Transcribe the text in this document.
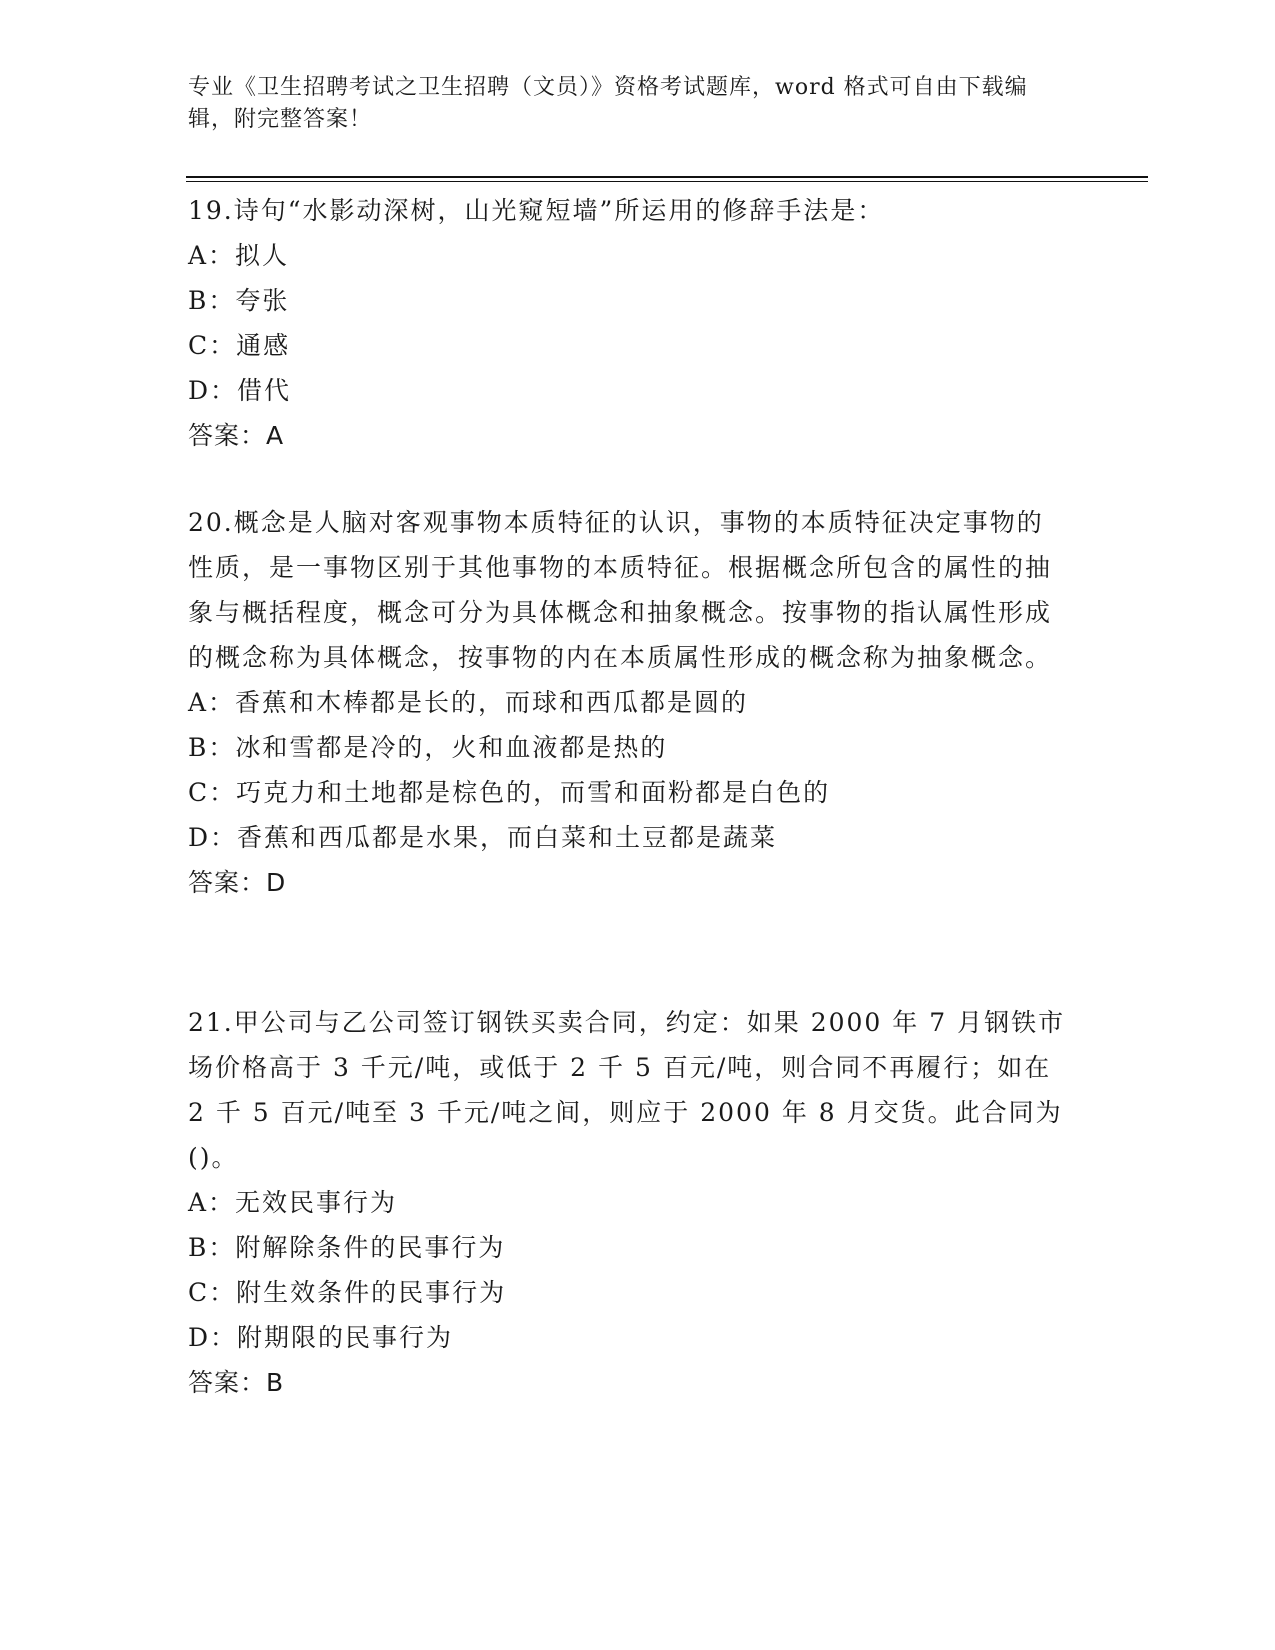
专业《卫生招聘考试之卫生招聘（文员）》资格考试题库，word 格式可自由下载编辑，附完整答案！
19.诗句“水影动深树，山光窥短墙”所运用的修辞手法是：
A：拟人
B：夸张
C：通感
D：借代
答案：A
20.概念是人脑对客观事物本质特征的认识，事物的本质特征决定事物的性质，是一事物区别于其他事物的本质特征。根据概念所包含的属性的抽象与概括程度，概念可分为具体概念和抽象概念。按事物的指认属性形成的概念称为具体概念，按事物的内在本质属性形成的概念称为抽象概念。
A：香蕉和木棒都是长的，而球和西瓜都是圆的
B：冰和雪都是冷的，火和血液都是热的
C：巧克力和土地都是棕色的，而雪和面粉都是白色的
D：香蕉和西瓜都是水果，而白菜和土豆都是蔬菜
答案：D
21.甲公司与乙公司签订钢铁买卖合同，约定：如果 2000 年 7 月钢铁市场价格高于 3 千元/吨，或低于 2 千 5 百元/吨，则合同不再履行；如在 2 千 5 百元/吨至 3 千元/吨之间，则应于 2000 年 8 月交货。此合同为()。
A：无效民事行为
B：附解除条件的民事行为
C：附生效条件的民事行为
D：附期限的民事行为
答案：B
